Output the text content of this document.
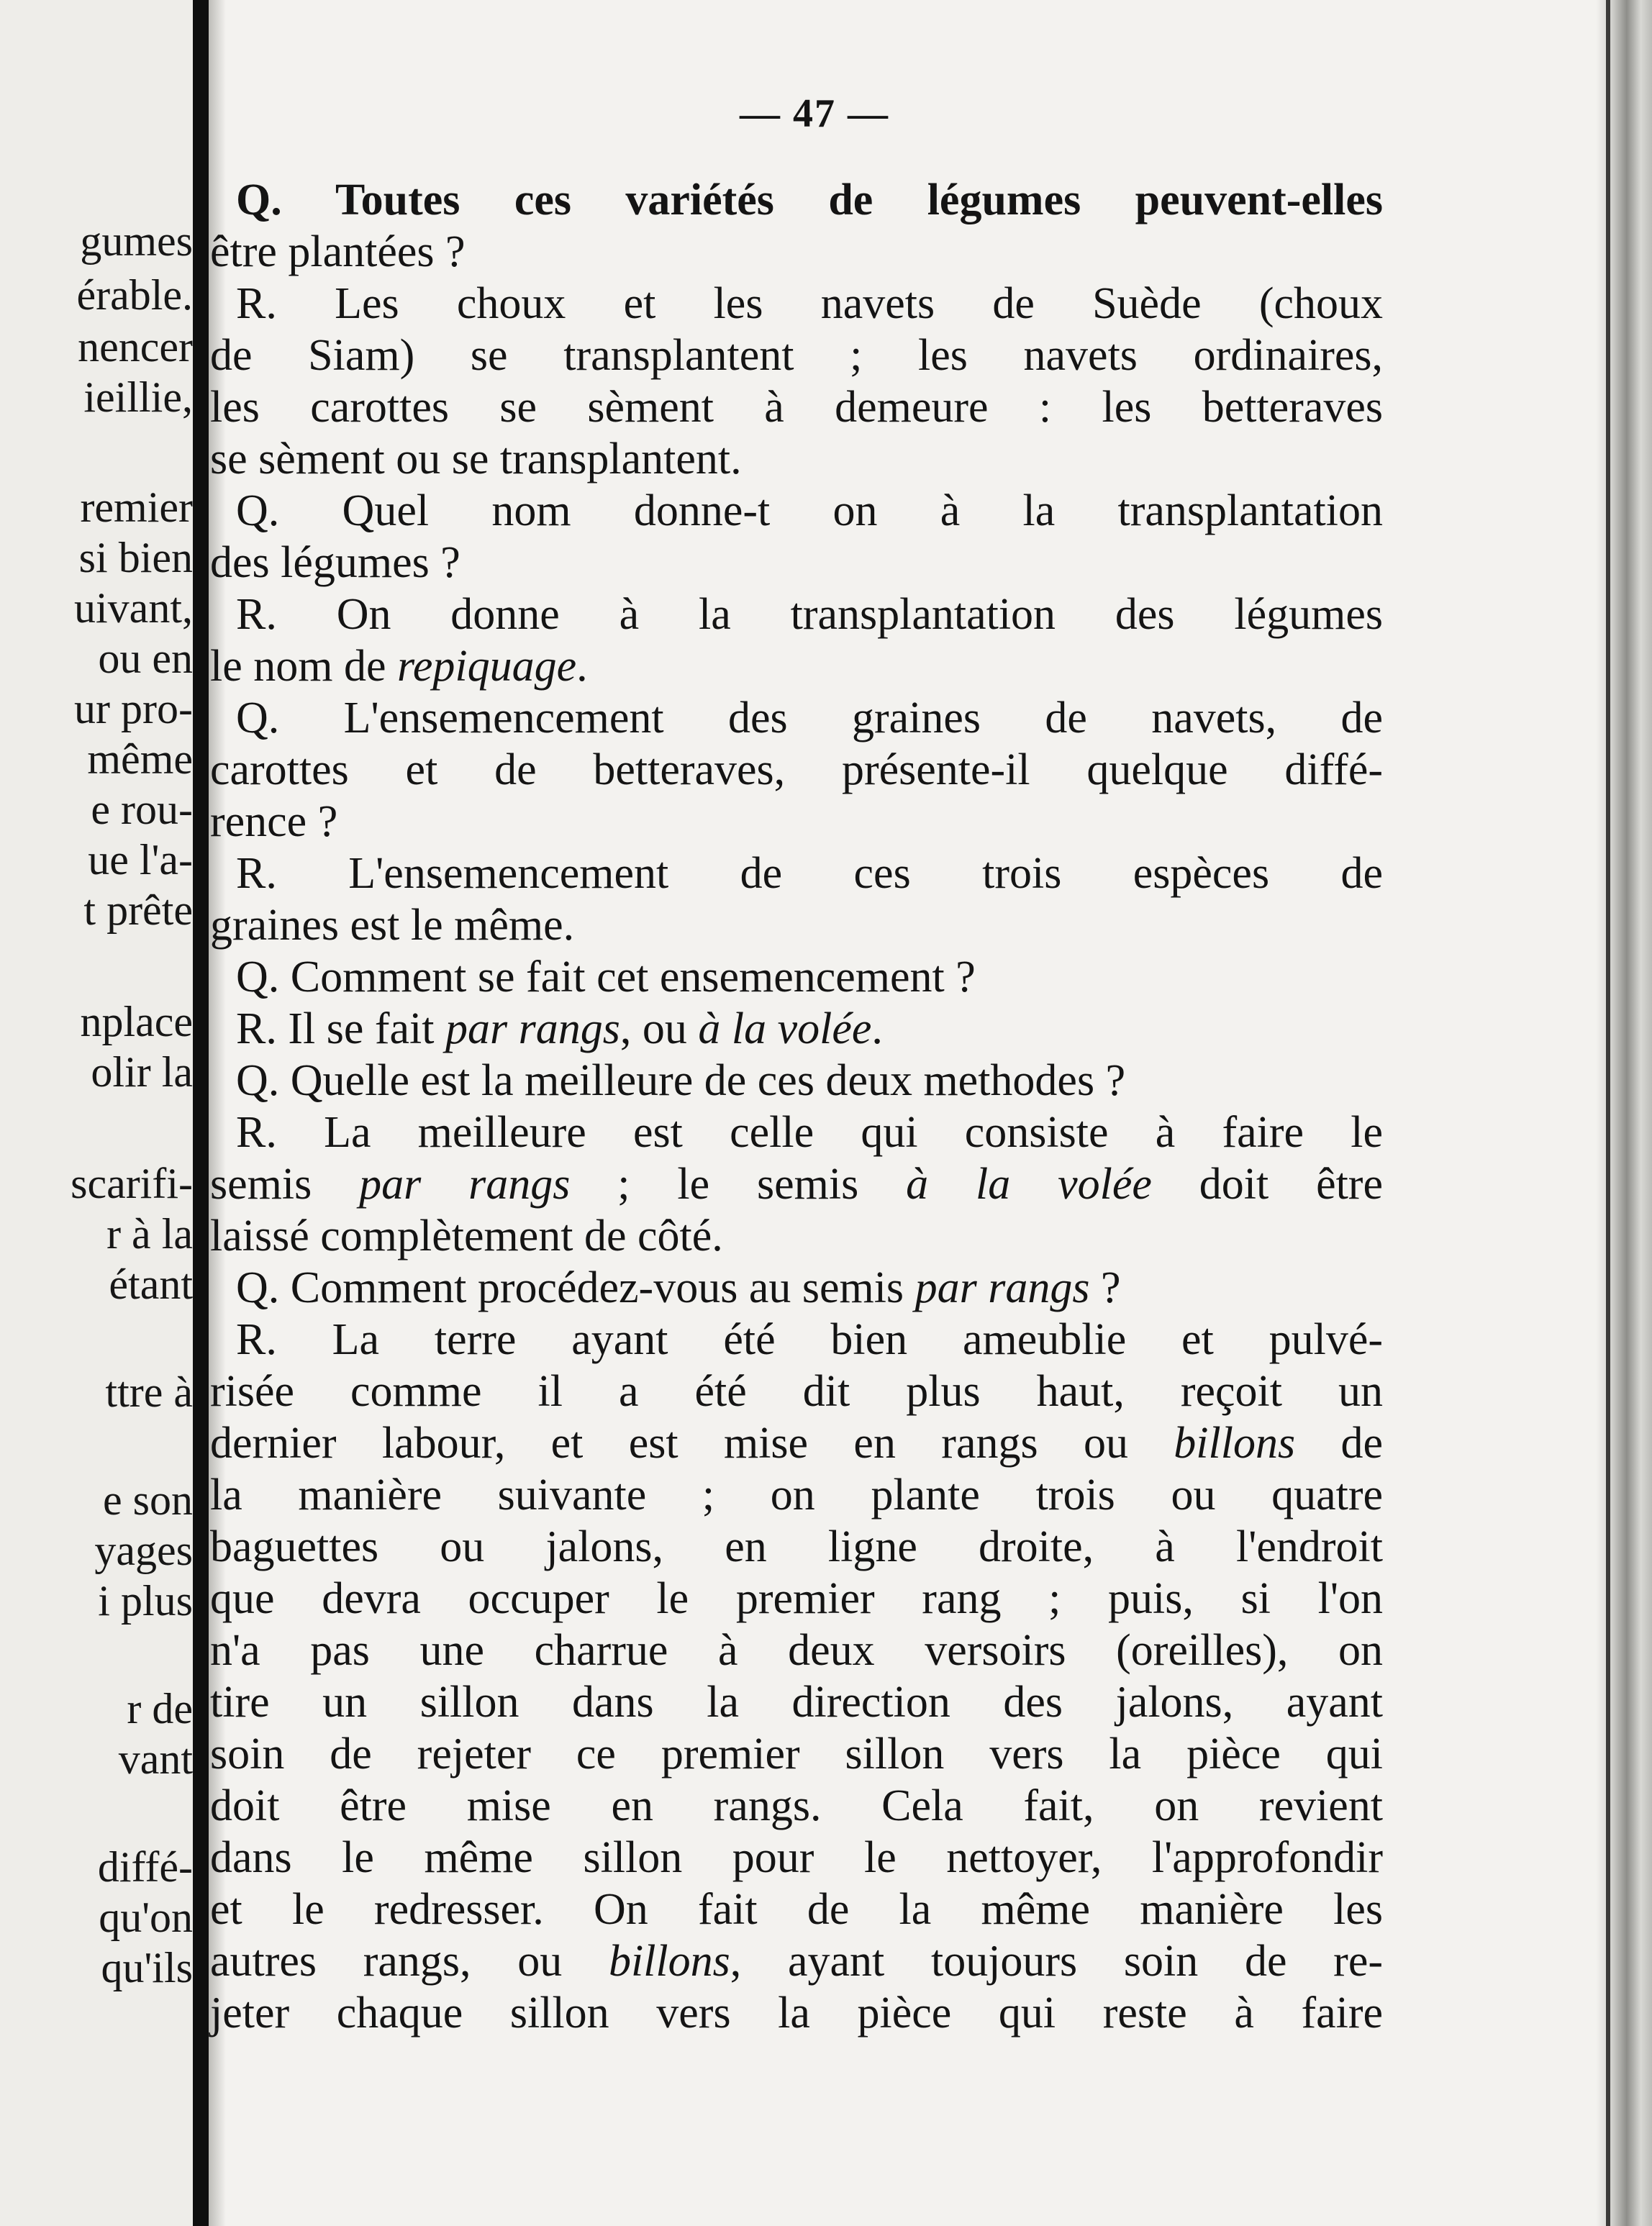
gumes
érable.
nencer
ieillie,
remier
si bien
uivant,
ou en
ur pro-
même
e rou-
ue l'a-
t prête
nplace
olir la
scarifi-
r à la
étant
ttre à
e son
yages
i plus
r de
vant
diffé-
qu'on
qu'ils
— 47 —
Q. Toutes ces variétés de légumes peuvent-elles
être plantées ?
R. Les choux et les navets de Suède (choux
de Siam) se transplantent ; les navets ordinaires,
les carottes se sèment à demeure : les betteraves
se sèment ou se transplantent.
Q. Quel nom donne-t on à la transplantation
des légumes ?
R. On donne à la transplantation des légumes
le nom de repiquage.
Q. L'ensemencement des graines de navets, de
carottes et de betteraves, présente-il quelque diffé-
rence ?
R. L'ensemencement de ces trois espèces de
graines est le même.
Q. Comment se fait cet ensemencement ?
R. Il se fait par rangs, ou à la volée.
Q. Quelle est la meilleure de ces deux methodes ?
R. La meilleure est celle qui consiste à faire le
semis par rangs ; le semis à la volée doit être
laissé complètement de côté.
Q. Comment procédez-vous au semis par rangs ?
R. La terre ayant été bien ameublie et pulvé-
risée comme il a été dit plus haut, reçoit un
dernier labour, et est mise en rangs ou billons de
la manière suivante ; on plante trois ou quatre
baguettes ou jalons, en ligne droite, à l'endroit
que devra occuper le premier rang ; puis, si l'on
n'a pas une charrue à deux versoirs (oreilles), on
tire un sillon dans la direction des jalons, ayant
soin de rejeter ce premier sillon vers la pièce qui
doit être mise en rangs. Cela fait, on revient
dans le même sillon pour le nettoyer, l'approfondir
et le redresser. On fait de la même manière les
autres rangs, ou billons, ayant toujours soin de re-
jeter chaque sillon vers la pièce qui reste à faire
